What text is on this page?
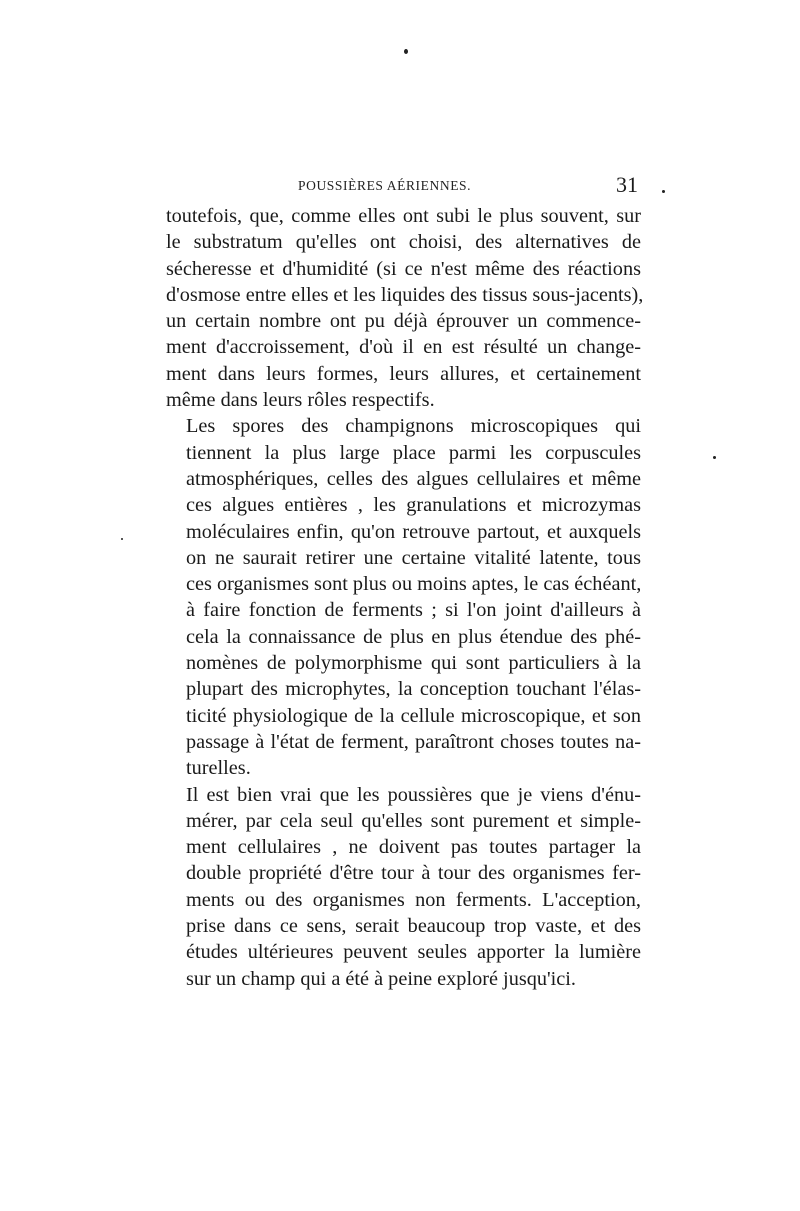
POUSSIÈRES AÉRIENNES.	31
toutefois, que, comme elles ont subi le plus souvent, sur
le substratum qu'elles ont choisi, des alternatives de
sécheresse et d'humidité (si ce n'est même des réactions
d'osmose entre elles et les liquides des tissus sous-jacents),
un certain nombre ont pu déjà éprouver un commence-
ment d'accroissement, d'où il en est résulté un change-
ment dans leurs formes, leurs allures, et certainement
même dans leurs rôles respectifs.
Les spores des champignons microscopiques qui
tiennent la plus large place parmi les corpuscules
atmosphériques, celles des algues cellulaires et même
ces algues entières , les granulations et microzymas
moléculaires enfin, qu'on retrouve partout, et auxquels
on ne saurait retirer une certaine vitalité latente, tous
ces organismes sont plus ou moins aptes, le cas échéant,
à faire fonction de ferments ; si l'on joint d'ailleurs à
cela la connaissance de plus en plus étendue des phé-
nomènes de polymorphisme qui sont particuliers à la
plupart des microphytes, la conception touchant l'élas-
ticité physiologique de la cellule microscopique, et son
passage à l'état de ferment, paraîtront choses toutes na-
turelles.
Il est bien vrai que les poussières que je viens d'énu-
mérer, par cela seul qu'elles sont purement et simple-
ment cellulaires , ne doivent pas toutes partager la
double propriété d'être tour à tour des organismes fer-
ments ou des organismes non ferments. L'acception,
prise dans ce sens, serait beaucoup trop vaste, et des
études ultérieures peuvent seules apporter la lumière
sur un champ qui a été à peine exploré jusqu'ici.
